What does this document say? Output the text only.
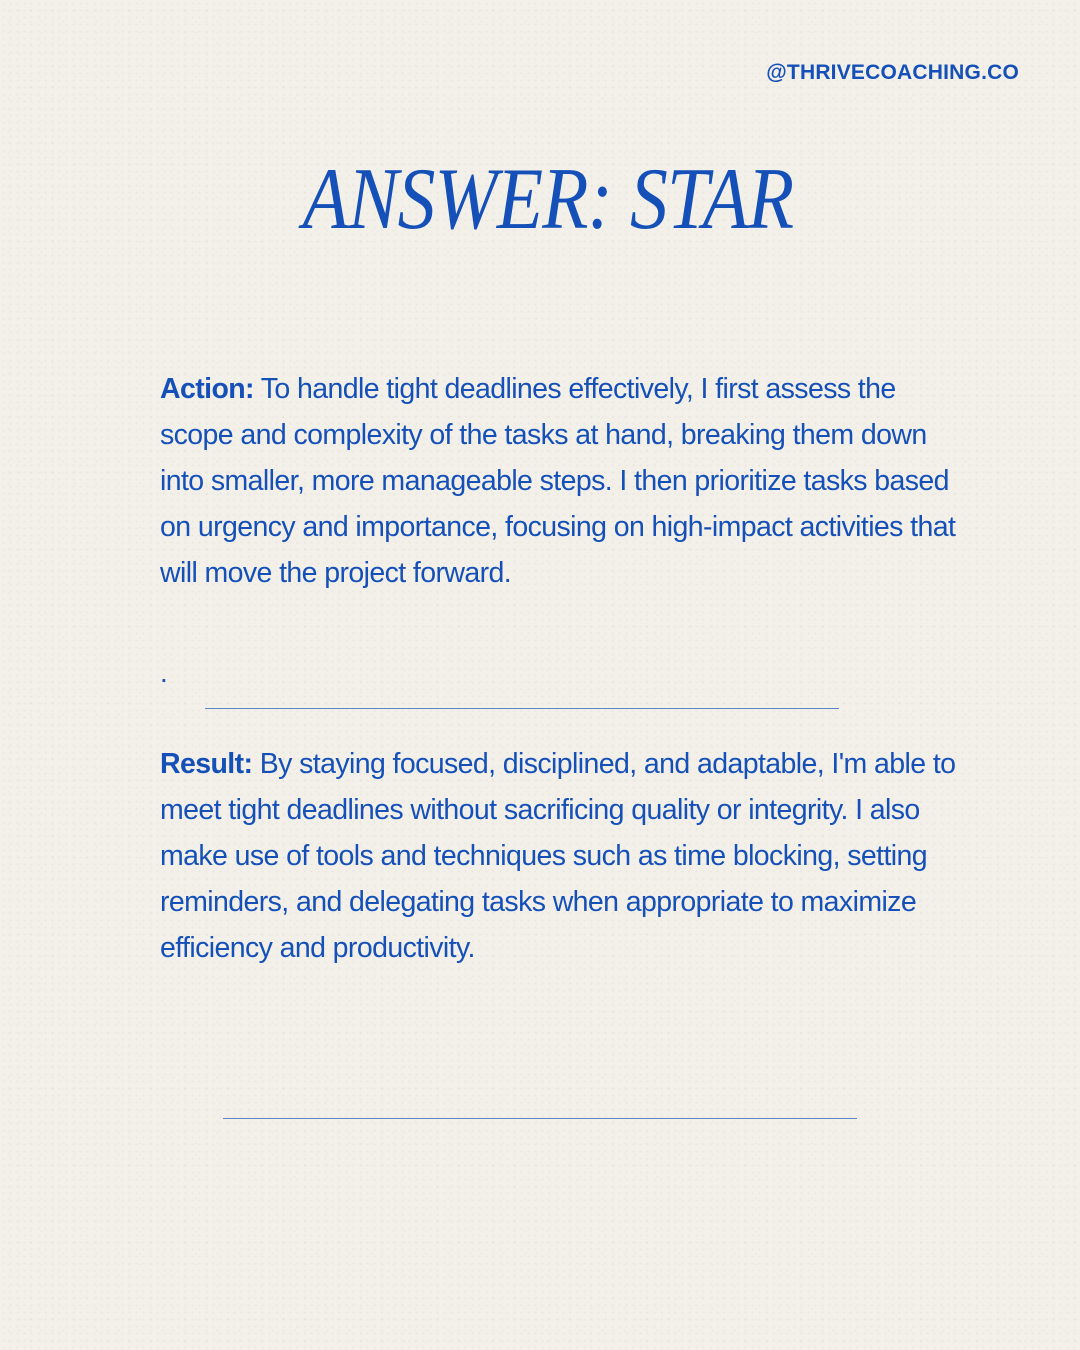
@THRIVECOACHING.CO
ANSWER: STAR

Action: To handle tight deadlines effectively, I first assess the scope and complexity of the tasks at hand, breaking them down into smaller, more manageable steps. I then prioritize tasks based on urgency and importance, focusing on high-impact activities that will move the project forward.

.

Result: By staying focused, disciplined, and adaptable, I'm able to meet tight deadlines without sacrificing quality or integrity. I also make use of tools and techniques such as time blocking, setting reminders, and delegating tasks when appropriate to maximize efficiency and productivity.
